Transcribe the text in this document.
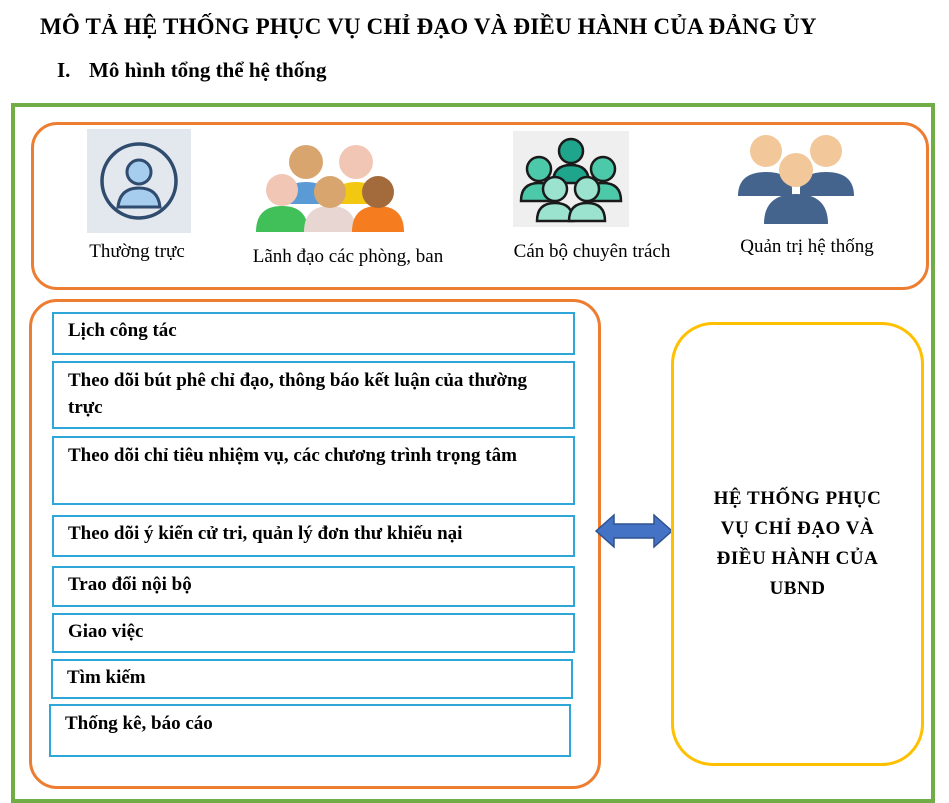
MÔ TẢ HỆ THỐNG PHỤC VỤ CHỈ ĐẠO VÀ ĐIỀU HÀNH CỦA ĐẢNG ỦY
I. Mô hình tổng thể hệ thống
Thường trực	Lãnh đạo các phòng, ban	Cán bộ chuyên trách	Quản trị hệ thống
Lịch công tác
Theo dõi bút phê chỉ đạo, thông báo kết luận của thường trực
Theo dõi chỉ tiêu nhiệm vụ, các chương trình trọng tâm
Theo dõi ý kiến cử tri, quản lý đơn thư khiếu nại
Trao đổi nội bộ
Giao việc
Tìm kiếm
Thống kê, báo cáo
HỆ THỐNG PHỤC VỤ CHỈ ĐẠO VÀ ĐIỀU HÀNH CỦA UBND
